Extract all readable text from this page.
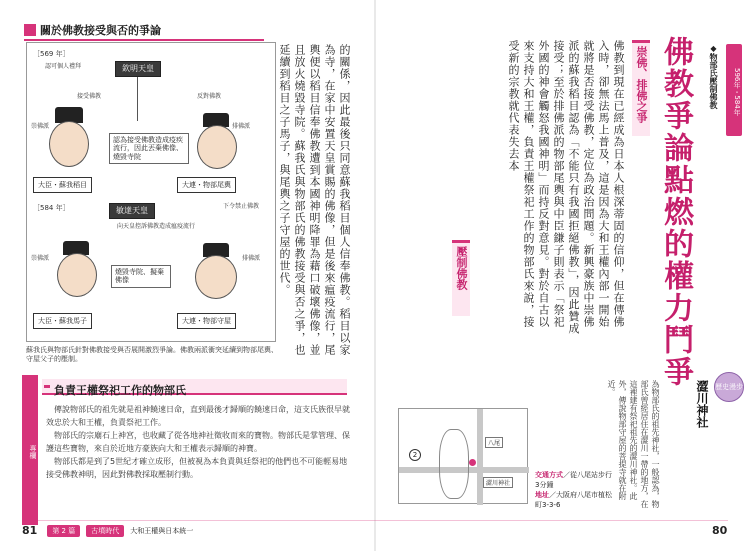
關於佛教接受與否的爭論
［569 年］
認可個人禮拜	欽明天皇
接受佛教	反對佛教
崇佛派	排佛派
認為接受佛教造成疫疾流行，因此丟棄佛像、燒毀寺院
大臣・蘇我稻目	大連・物部尾輿
［584 年］	敏達天皇	下令禁止佛教
向天皇控訴佛教造成瘟疫流行
崇佛派	排佛派
燒毀寺院、擬棄佛像
大臣・蘇我馬子	大連・物部守屋
蘇我氏與物部氏針對佛教接受與否展開激烈爭論。佛教兩派衝突延續到物部尾輿、守屋父子的壓制。
的關係，因此最後只同意蘇我稻目個人信奉佛教。稻目以家為寺，在家中安置天皇賞賜的佛像，但是後來瘟疫流行，尾輿便以稻目信奉佛教遭到本國神明降罪為藉口破壞佛像，並且放火燒毀寺院。蘇我氏與物部氏的佛教接受與否之爭，也延續到稻目之子馬子，與尾輿之子守屋的世代。
專欄
負責王權祭祀工作的物部氏

傳說物部氏的祖先就是祖神饒速日命，直到最後才歸順的饒速日命，這支氏族很早就效忠於大和王權，負責祭祀工作。

物部氏的宗廟石上神宮，也收藏了從各地神社徵收而來的寶物。物部氏是掌管理、保護這些寶物，來自於近地方豪族向大和王權表示歸順的神寶。

物部氏都是到了5世紀才確立成形，但被視為本負責與廷祭祀的他們也不可能輕易地接受佛教神明，因此對佛教採取壓制行動。

81	第 2 篇	古墳時代	大和王權與日本統一
596年・584年
◆物部氏壓制佛教
佛教爭論點燃的權力鬥爭
崇佛、排佛之爭
佛教到現在已經成為日本人根深蒂固的信仰，但在傳佛入時，卻無法馬上普及，這是因為大和王權內部一開始就將是否接受佛教，定位為政治問題。新興豪族中崇佛派的蘇我稻目認為「不能只有我國拒絕佛教」，因此贊成接受；至於排佛派的物部尾輿與中臣鎌子則表示「祭祀外國的神會觸怒我國神明」而持反對意見。對於自古以來支持大和王權，負責王權祭祀工作的物部氏來說，接受新的宗教就代表失去本
壓制佛教
歷史漫步
澀川神社
為物部氏的祖先神社，一般認為，物部氏曾經居住在澀川一帶的地方，在這裡建有祭祀祖先的澀川神社。此外，傳說物部守屋的菩提寺就在附近。
八尾
澀川神社
2
交通方式／從八尾站步行3分鐘
地址／大阪府八尾市植松町3-3-6
80
